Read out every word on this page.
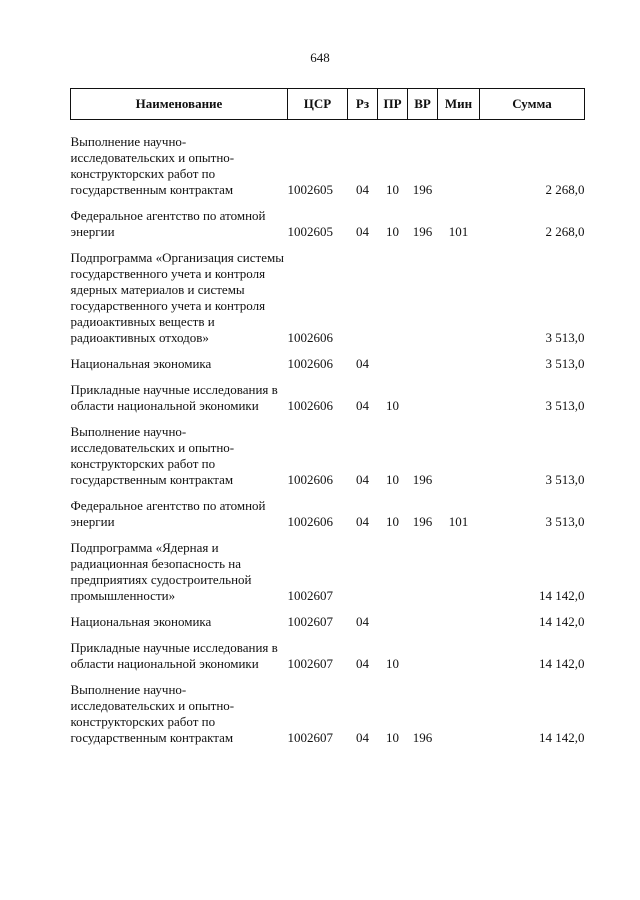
648
Наименование	ЦСР	Рз	ПР	ВР	Мин	Сумма

Выполнение научно-исследовательских и опытно-конструкторских работ по государственным контрактам	1002605	04	10	196		2 268,0

Федеральное агентство по атомной энергии	1002605	04	10	196	101	2 268,0

Подпрограмма «Организация системы государственного учета и контроля ядерных материалов и системы государственного учета и контроля радиоактивных веществ и радиоактивных отходов»	1002606					3 513,0

Национальная экономика	1002606	04				3 513,0

Прикладные научные исследования в области национальной экономики	1002606	04	10			3 513,0

Выполнение научно-исследовательских и опытно-конструкторских работ по государственным контрактам	1002606	04	10	196		3 513,0

Федеральное агентство по атомной энергии	1002606	04	10	196	101	3 513,0

Подпрограмма «Ядерная и радиационная безопасность на предприятиях судостроительной промышленности»	1002607					14 142,0

Национальная экономика	1002607	04				14 142,0

Прикладные научные исследования в области национальной экономики	1002607	04	10			14 142,0

Выполнение научно-исследовательских и опытно-конструкторских работ по государственным контрактам	1002607	04	10	196		14 142,0
